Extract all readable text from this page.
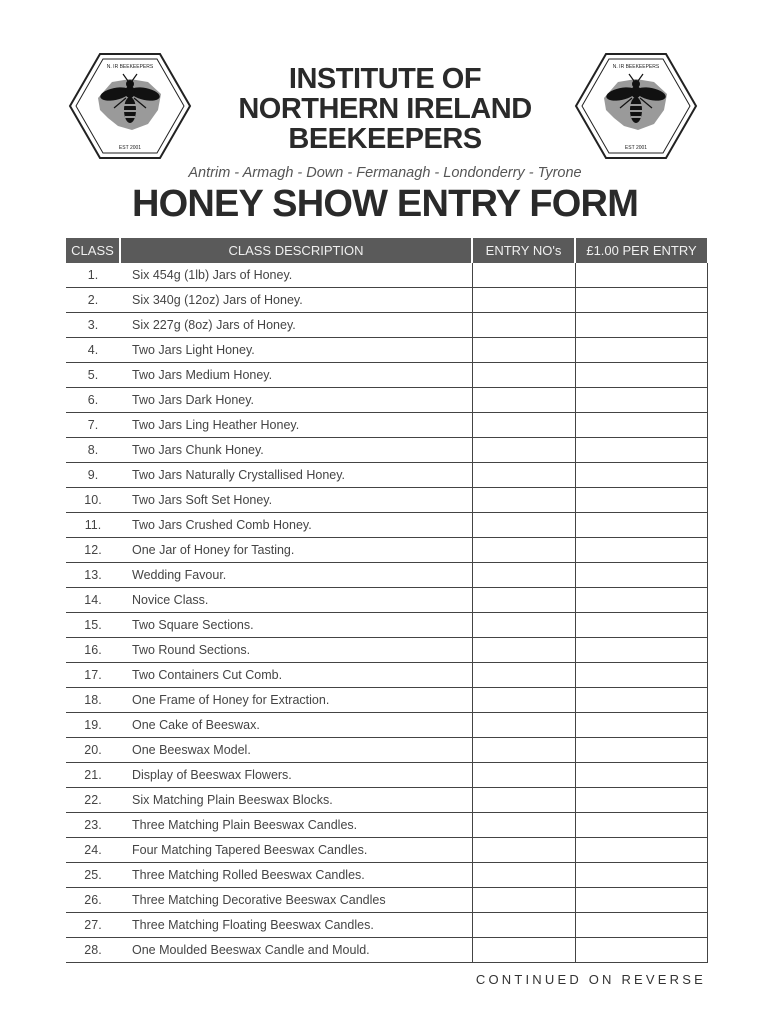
N. IR BEEKEEPERS
EST 2001
N. IR BEEKEEPERS
EST 2001
INSTITUTE OF
NORTHERN IRELAND
BEEKEEPERS
Antrim - Armagh - Down - Fermanagh - Londonderry - Tyrone
HONEY SHOW ENTRY FORM
CLASS	CLASS DESCRIPTION	ENTRY NO's	£1.00 PER ENTRY
1.	Six 454g (1lb) Jars of Honey.		
2.	Six 340g (12oz) Jars of Honey.		
3.	Six 227g (8oz) Jars of Honey.		
4.	Two Jars Light Honey.		
5.	Two Jars Medium Honey.		
6.	Two Jars Dark Honey.		
7.	Two Jars Ling Heather Honey.		
8.	Two Jars Chunk Honey.		
9.	Two Jars Naturally Crystallised Honey.		
10.	Two Jars Soft Set Honey.		
11.	Two Jars Crushed Comb Honey.		
12.	One Jar of Honey for Tasting.		
13.	Wedding Favour.		
14.	Novice Class.		
15.	Two Square Sections.		
16.	Two Round Sections.		
17.	Two Containers Cut Comb.		
18.	One Frame of Honey for Extraction.		
19.	One Cake of Beeswax.		
20.	One Beeswax Model.		
21.	Display of Beeswax Flowers.		
22.	Six Matching Plain Beeswax Blocks.		
23.	Three Matching Plain Beeswax Candles.		
24.	Four Matching Tapered Beeswax Candles.		
25.	Three Matching Rolled Beeswax Candles.		
26.	Three Matching Decorative Beeswax Candles		
27.	Three Matching Floating Beeswax Candles.		
28.	One Moulded Beeswax Candle and Mould.		
CONTINUED ON REVERSE
